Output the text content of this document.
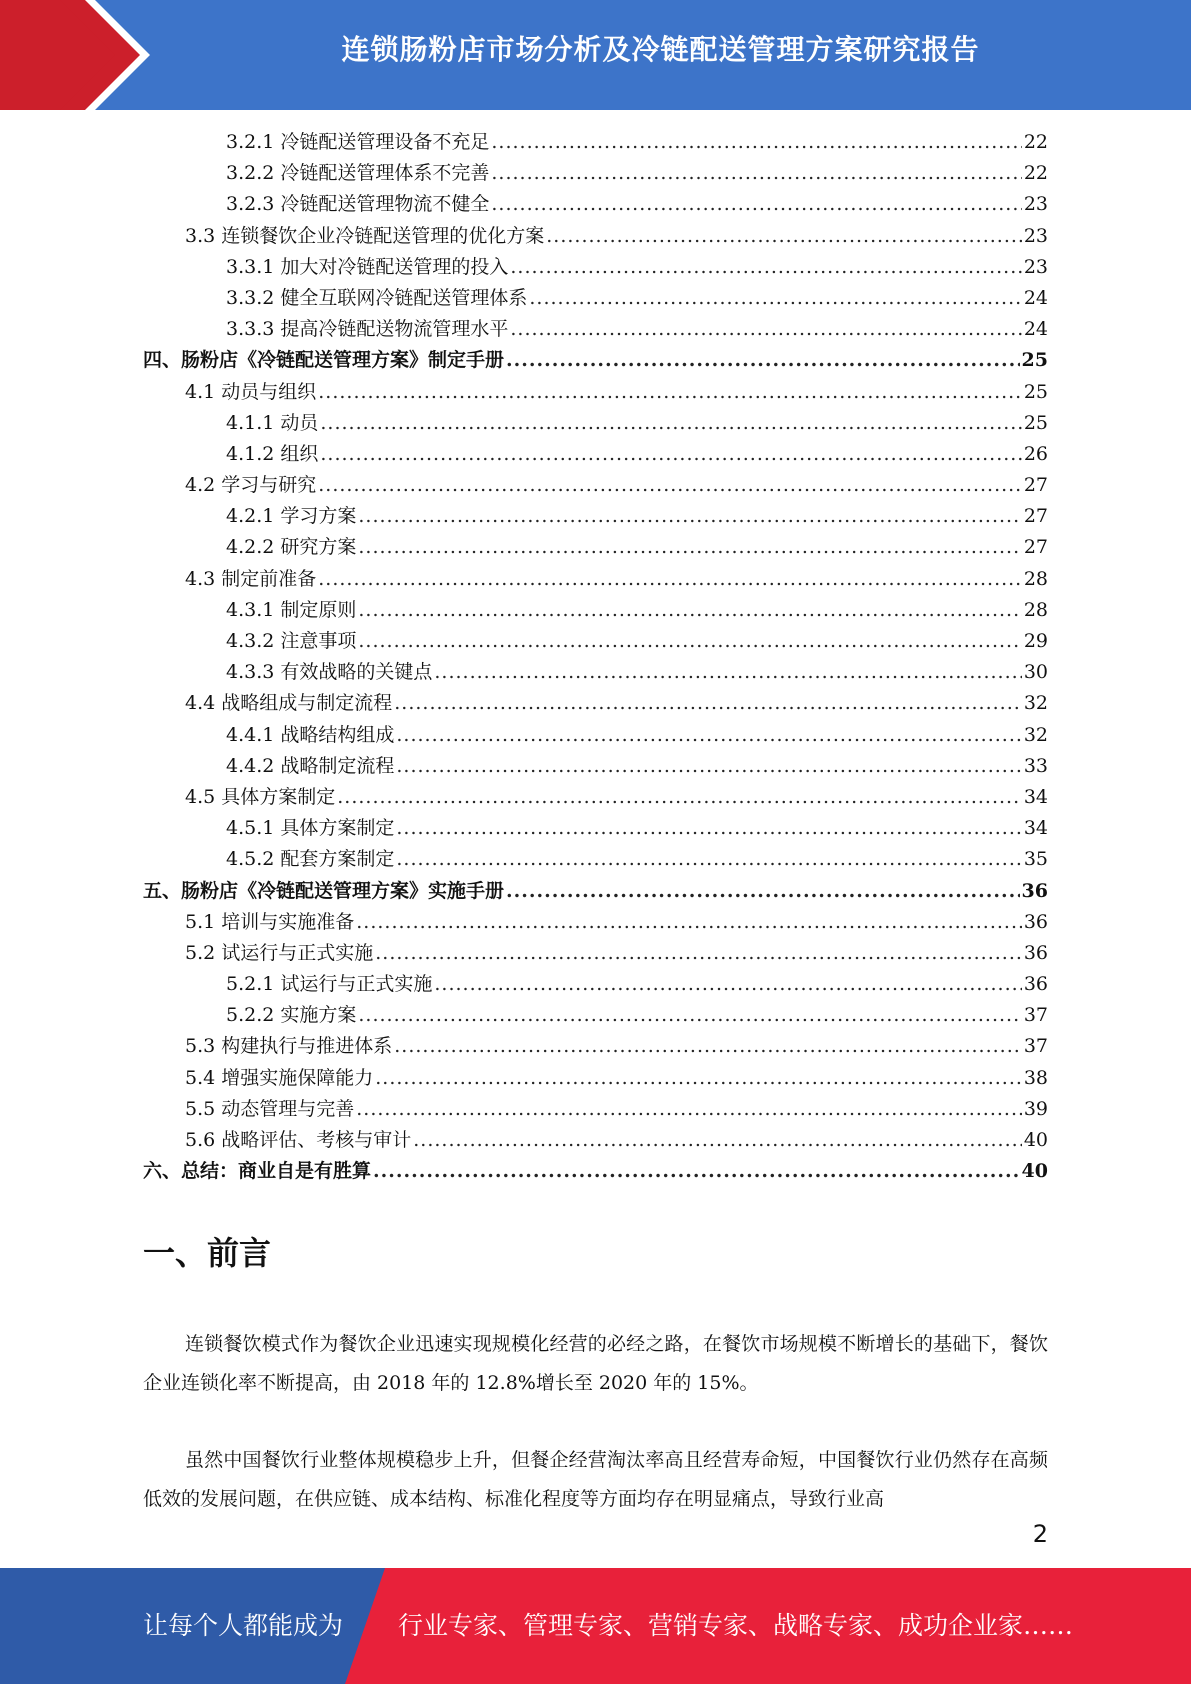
连锁肠粉店市场分析及冷链配送管理方案研究报告
3.2.1 冷链配送管理设备不充足 .....	22
3.2.2 冷链配送管理体系不完善 .....	22
3.2.3 冷链配送管理物流不健全 .....	23
3.3 连锁餐饮企业冷链配送管理的优化方案 .....	23
3.3.1 加大对冷链配送管理的投入 .....	23
3.3.2 健全互联网冷链配送管理体系 .....	24
3.3.3 提高冷链配送物流管理水平 .....	24
四、肠粉店《冷链配送管理方案》制定手册 .....	25
4.1 动员与组织 .....	25
4.1.1 动员 .....	25
4.1.2 组织 .....	26
4.2 学习与研究 .....	27
4.2.1 学习方案 .....	27
4.2.2 研究方案 .....	27
4.3 制定前准备 .....	28
4.3.1 制定原则 .....	28
4.3.2 注意事项 .....	29
4.3.3 有效战略的关键点 .....	30
4.4 战略组成与制定流程 .....	32
4.4.1 战略结构组成 .....	32
4.4.2 战略制定流程 .....	33
4.5 具体方案制定 .....	34
4.5.1 具体方案制定 .....	34
4.5.2 配套方案制定 .....	35
五、肠粉店《冷链配送管理方案》实施手册 .....	36
5.1 培训与实施准备 .....	36
5.2 试运行与正式实施 .....	36
5.2.1 试运行与正式实施 .....	36
5.2.2 实施方案 .....	37
5.3 构建执行与推进体系 .....	37
5.4 增强实施保障能力 .....	38
5.5 动态管理与完善 .....	39
5.6 战略评估、考核与审计 .....	40
六、总结：商业自是有胜算 .....	40
一、前言
连锁餐饮模式作为餐饮企业迅速实现规模化经营的必经之路，在餐饮市场规模不断增长的基础下，餐饮企业连锁化率不断提高，由 2018 年的 12.8%增长至 2020 年的 15%。
虽然中国餐饮行业整体规模稳步上升，但餐企经营淘汰率高且经营寿命短，中国餐饮行业仍然存在高频低效的发展问题，在供应链、成本结构、标准化程度等方面均存在明显痛点，导致行业高
2
让每个人都能成为 行业专家、管理专家、营销专家、战略专家、成功企业家……
